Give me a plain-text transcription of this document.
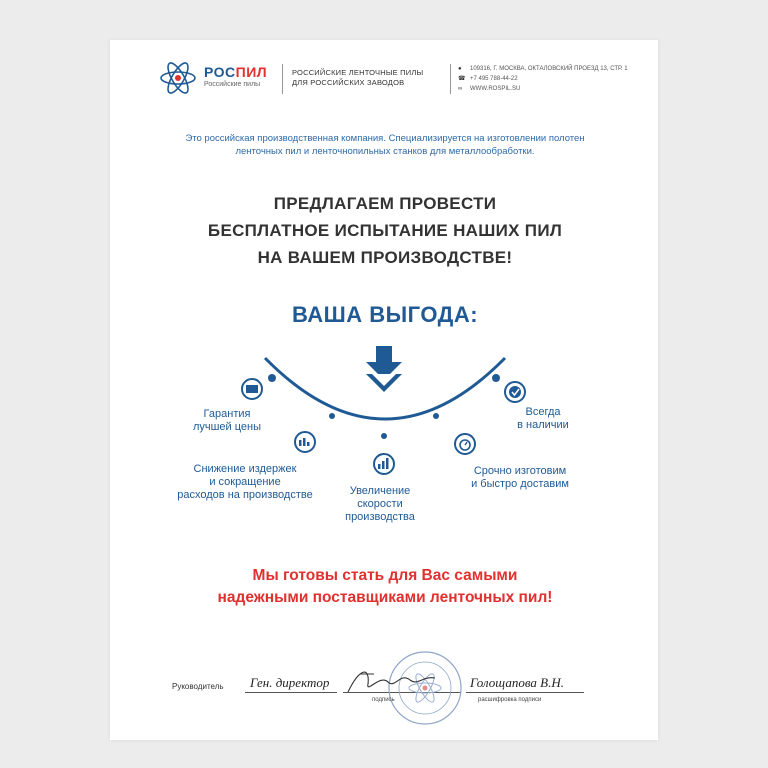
РОСПИЛ
Российские пилы
РОССИЙСКИЕ ЛЕНТОЧНЫЕ ПИЛЫ
ДЛЯ РОССИЙСКИХ ЗАВОДОВ
● 109316, Г. МОСКВА, ОКТАЛОВСКИЙ ПРОЕЗД 13, СТР. 1
☎ +7 495 788-44-22
∞ WWW.ROSPIL.SU
Это российская производственная компания. Специализируется на изготовлении полотен
ленточных пил и ленточнопильных станков для металлообработки.
ПРЕДЛАГАЕМ ПРОВЕСТИ
БЕСПЛАТНОЕ ИСПЫТАНИЕ НАШИХ ПИЛ
НА ВАШЕМ ПРОИЗВОДСТВЕ!
ВАША ВЫГОДА:
Гарантия
лучшей цены
Всегда
в наличии
Снижение издержек
и сокращение
расходов на производстве	Увеличение
скорости
производства
Срочно изготовим
и быстро доставим
Мы готовы стать для Вас самыми
надежными поставщиками ленточных пил!
Руководитель Ген. директор	Голощапова В.Н.
подпись	расшифровка подписи
